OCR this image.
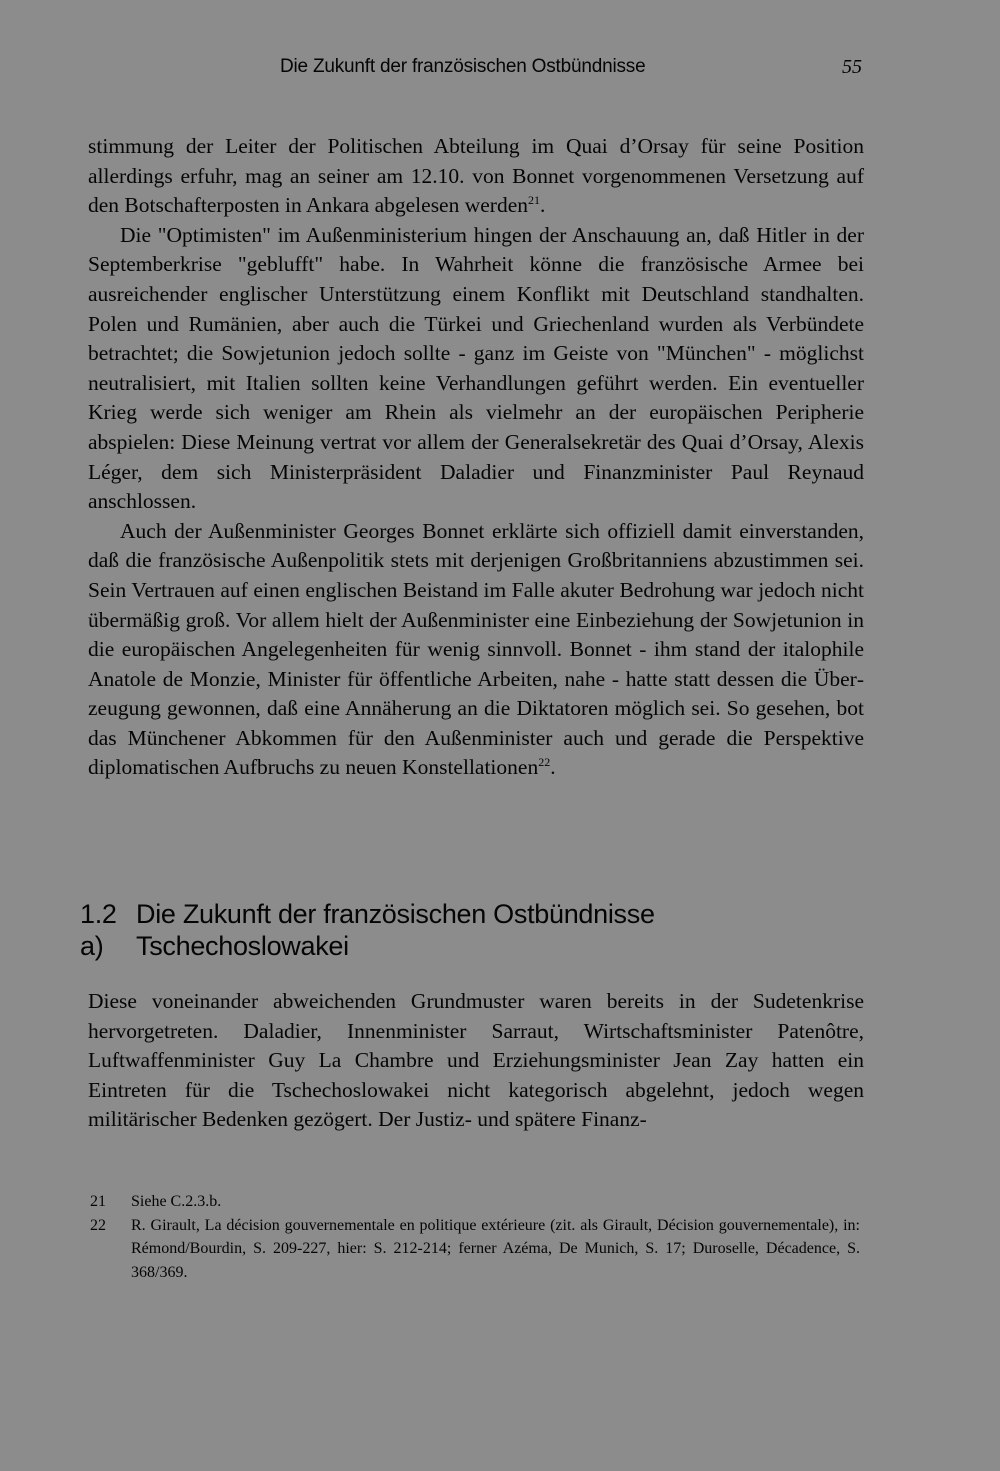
Die Zukunft der französischen Ostbündnisse	55

stimmung der Leiter der Politischen Abteilung im Quai d’Orsay für seine Position allerdings erfuhr, mag an seiner am 12.10. von Bonnet vorgenommenen Versetzung auf den Botschafterposten in Ankara abgelesen werden$^{21}$.

Die "Optimisten" im Außenministerium hingen der Anschauung an, daß Hitler in der Septemberkrise "geblufft" habe. In Wahrheit könne die französische Armee bei ausreichender englischer Unterstützung einem Konflikt mit Deutschland standhalten. Polen und Rumänien, aber auch die Türkei und Griechenland wurden als Verbündete betrachtet; die Sowjetunion jedoch sollte - ganz im Geiste von "München" - möglichst neutralisiert, mit Italien sollten keine Verhandlungen geführt werden. Ein eventueller Krieg werde sich weniger am Rhein als vielmehr an der europäischen Peripherie abspielen: Diese Meinung vertrat vor allem der Generalsekretär des Quai d’Orsay, Alexis Léger, dem sich Ministerpräsident Daladier und Finanzminister Paul Reynaud anschlossen.

Auch der Außenminister Georges Bonnet erklärte sich offiziell damit einverstanden, daß die französische Außenpolitik stets mit derjenigen Großbritanniens abzustimmen sei. Sein Vertrauen auf einen englischen Beistand im Falle akuter Bedrohung war jedoch nicht übermäßig groß. Vor allem hielt der Außenminister eine Einbeziehung der Sowjetunion in die europäischen Angelegenheiten für wenig sinnvoll. Bonnet - ihm stand der italophile Anatole de Monzie, Minister für öffentliche Arbeiten, nahe - hatte statt dessen die Überzeugung gewonnen, daß eine Annäherung an die Diktatoren möglich sei. So gesehen, bot das Münchener Abkommen für den Außenminister auch und gerade die Perspektive diplomatischen Aufbruchs zu neuen Konstellationen$^{22}$.

1.2 Die Zukunft der französischen Ostbündnisse
a)	Tschechoslowakei

Diese voneinander abweichenden Grundmuster waren bereits in der Sudetenkrise hervorgetreten. Daladier, Innenminister Sarraut, Wirtschaftsminister Patenôtre, Luftwaffenminister Guy La Chambre und Erziehungsminister Jean Zay hatten ein Eintreten für die Tschechoslowakei nicht kategorisch abgelehnt, jedoch wegen militärischer Bedenken gezögert. Der Justiz- und spätere Finanz-

21	Siehe C.2.3.b.
22	R. Girault, La décision gouvernementale en politique extérieure (zit. als Girault, Décision gouvernementale), in: Rémond/Bourdin, S. 209-227, hier: S. 212-214; ferner Azéma, De Munich, S. 17; Duroselle, Décadence, S. 368/369.
